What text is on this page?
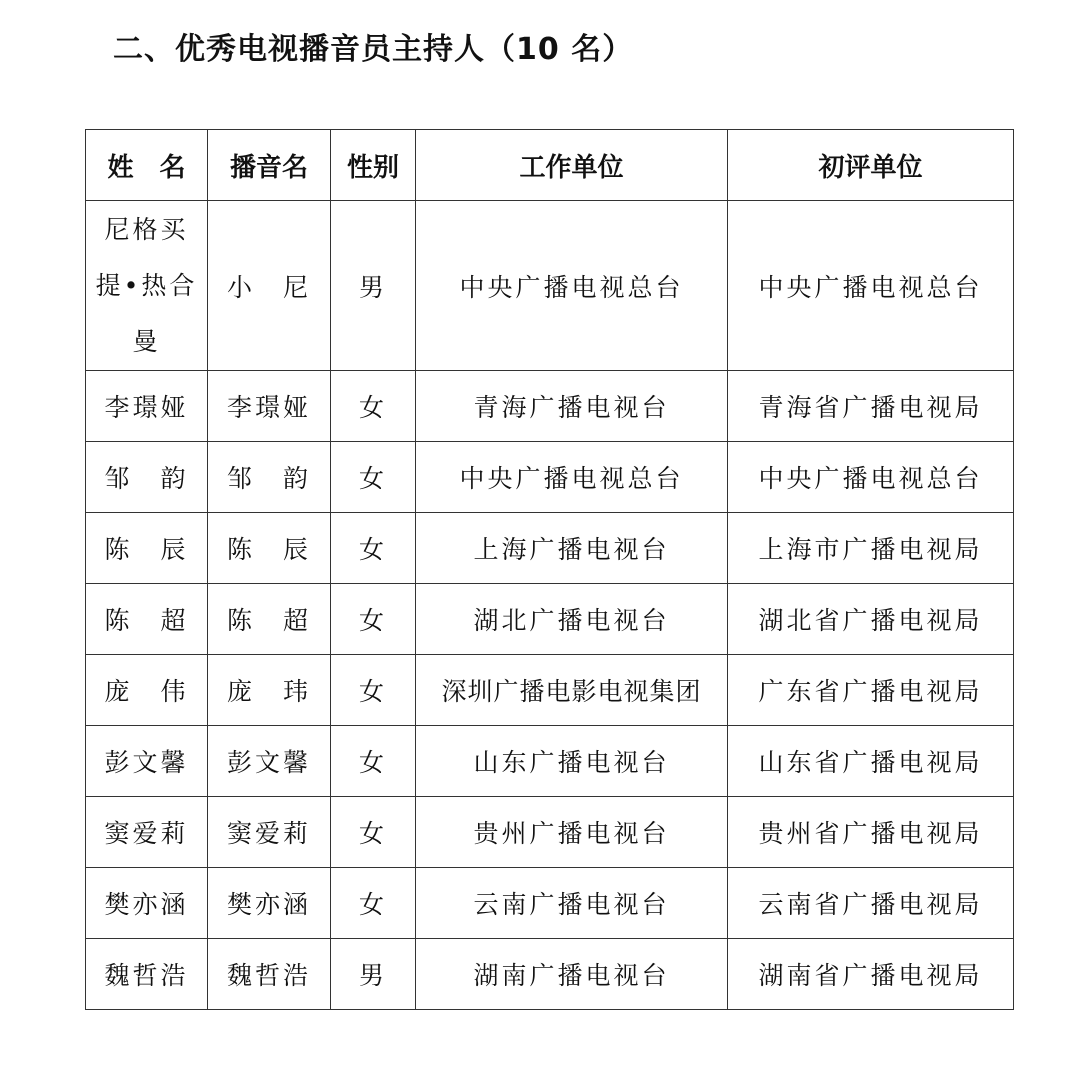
二、优秀电视播音员主持人（10 名）
姓　名	播音名	性别	工作单位	初评单位

尼格买
提•热合
曼	小　尼	男	中央广播电视总台	中央广播电视总台
李璟娅	李璟娅	女	青海广播电视台	青海省广播电视局
邹　韵	邹　韵	女	中央广播电视总台	中央广播电视总台
陈　辰	陈　辰	女	上海广播电视台	上海市广播电视局
陈　超	陈　超	女	湖北广播电视台	湖北省广播电视局
庞　伟	庞　玮	女	深圳广播电影电视集团	广东省广播电视局
彭文馨	彭文馨	女	山东广播电视台	山东省广播电视局
窦爱莉	窦爱莉	女	贵州广播电视台	贵州省广播电视局
樊亦涵	樊亦涵	女	云南广播电视台	云南省广播电视局
魏哲浩	魏哲浩	男	湖南广播电视台	湖南省广播电视局
